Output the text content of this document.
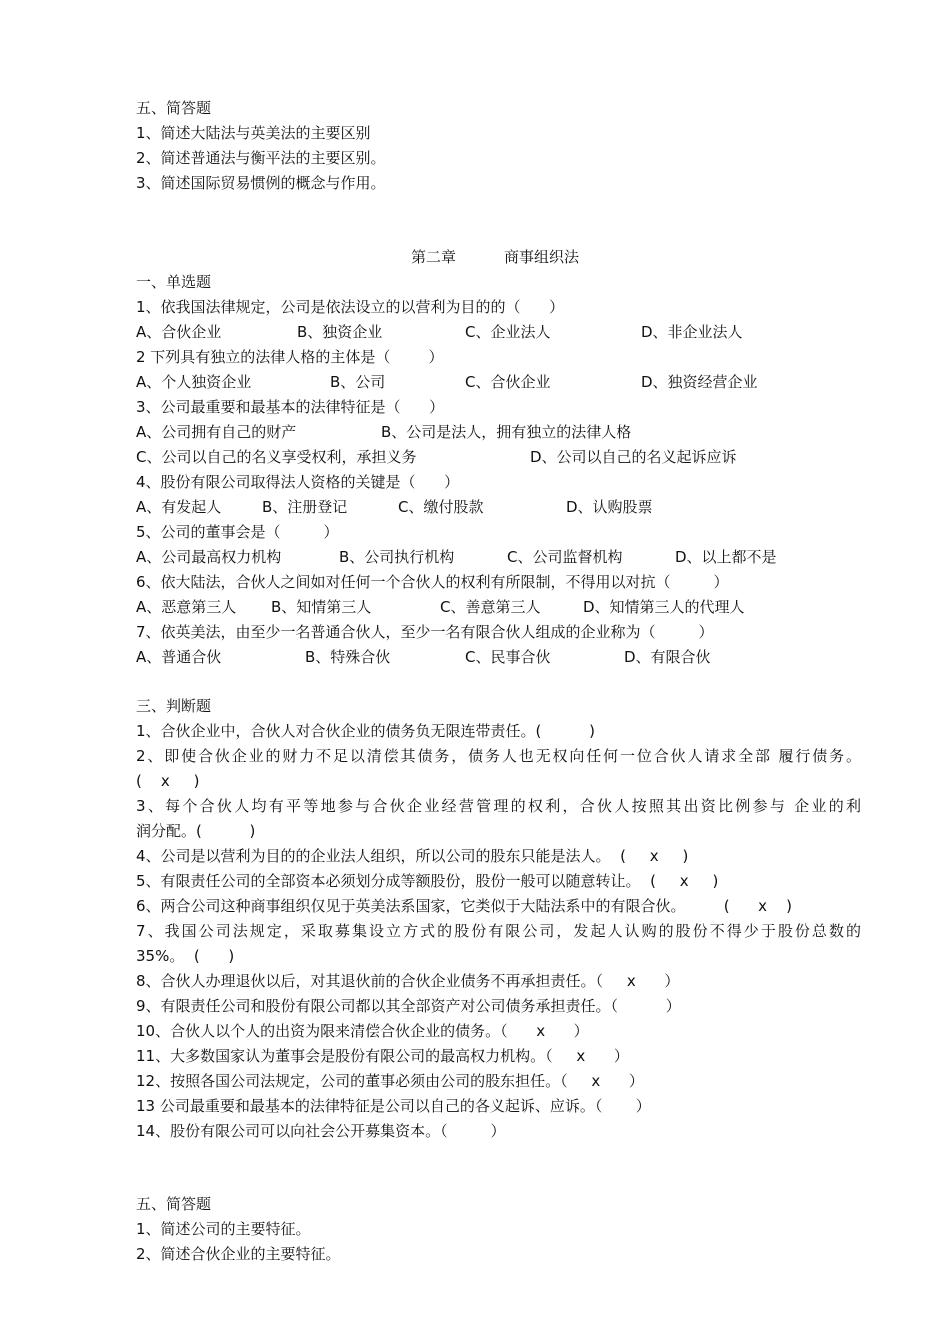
五、简答题
1、简述大陆法与英美法的主要区别
2、简述普通法与衡平法的主要区别。
3、简述国际贸易惯例的概念与作用。

第二章

	商事组织法

一、单选题
1、依我国法律规定，公司是依法设立的以营利为目的的（      ）

A、合伙企业

	B、独资企业

	C、企业法人

	D、非企业法人

2 下列具有独立的法律人格的主体是（        ）

A、个人独资企业

	B、公司

	C、合伙企业

	D、独资经营企业

3、公司最重要和最基本的法律特征是（      ）

A、公司拥有自己的财产

	B、公司是法人，拥有独立的法律人格

C、公司以自己的名义享受权利，承担义务

	D、公司以自己的名义起诉应诉

4、股份有限公司取得法人资格的关键是（      ）

A、有发起人

	B、注册登记

	C、缴付股款

	D、认购股票

5、公司的董事会是（         ）

A、公司最高权力机构

	B、公司执行机构

	C、公司监督机构

	D、以上都不是

6、依大陆法，合伙人之间如对任何一个合伙人的权利有所限制，不得用以对抗（         ）

A、恶意第三人

B、知情第三人

	C、善意第三人

	D、知情第三人的代理人

7、依英美法，由至少一名普通合伙人，至少一名有限合伙人组成的企业称为（         ）

A、普通合伙

	B、特殊合伙

	C、民事合伙

	D、有限合伙

三、判断题
1、合伙企业中，合伙人对合伙企业的债务负无限连带责任。(          )
2、即使合伙企业的财力不足以清偿其债务，债务人也无权向任何一位合伙人请求全部 履行债务。
(    x     )
3、每个合伙人均有平等地参与合伙企业经营管理的权利，合伙人按照其出资比例参与 企业的利
润分配。(          )
4、公司是以营利为目的的企业法人组织，所以公司的股东只能是法人。  (     x     )
5、有限责任公司的全部资本必须划分成等额股份，股份一般可以随意转让。  (     x     )
6、两合公司这种商事组织仅见于英美法系国家，它类似于大陆法系中的有限合伙。        (      x    )
7、我国公司法规定，采取募集设立方式的股份有限公司，发起人认购的股份不得少于股份总数的
35%。  (      )
8、合伙人办理退伙以后，对其退伙前的合伙企业债务不再承担责任。（     x      ）
9、有限责任公司和股份有限公司都以其全部资产对公司债务承担责任。（          ）
10、合伙人以个人的出资为限来清偿合伙企业的债务。（      x      ）
11、大多数国家认为董事会是股份有限公司的最高权力机构。（     x      ）
12、按照各国公司法规定，公司的董事必须由公司的股东担任。（     x      ）
13 公司最重要和最基本的法律特征是公司以自己的各义起诉、应诉。（       ）
14、股份有限公司可以向社会公开募集资本。（         ）
五、简答题
1、简述公司的主要特征。
2、简述合伙企业的主要特征。
